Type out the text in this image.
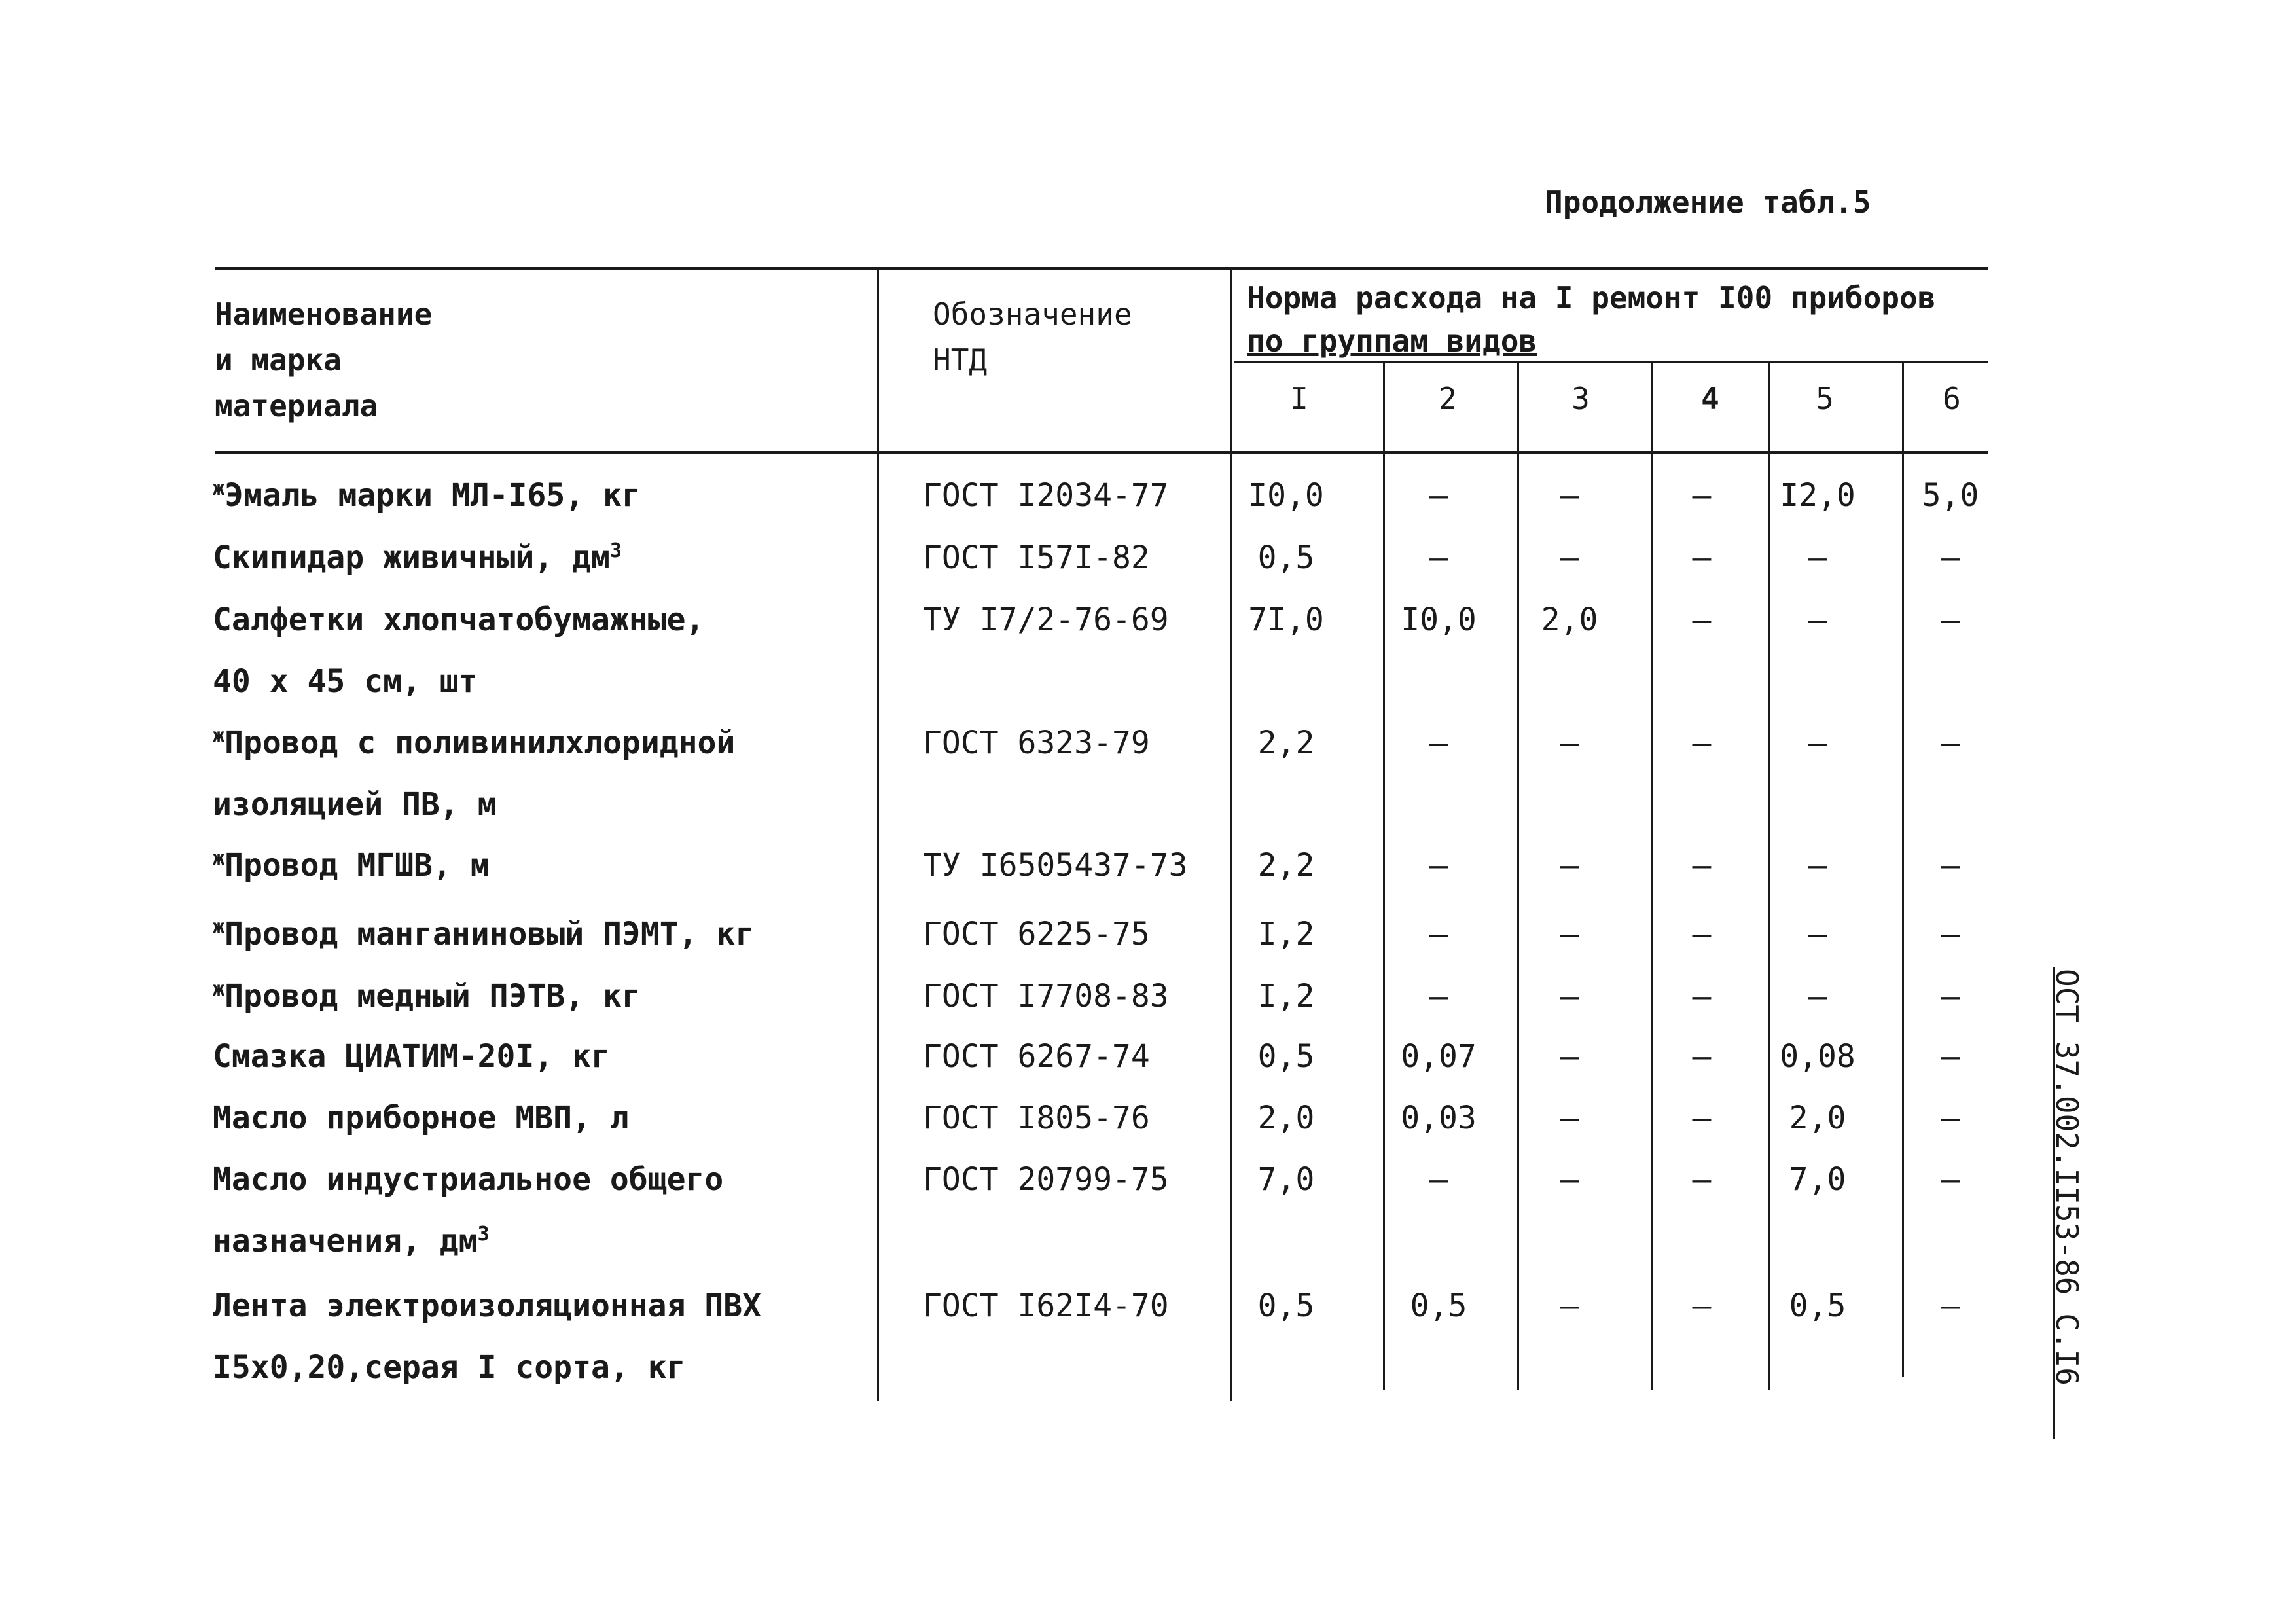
Продолжение табл.5
Наименование
и марка
материала
Обозначение
НТД
Норма расхода на I ремонт I00 приборов
по группам видов
I	2	3	4	5	6
$^ж$Эмаль марки МЛ-I65, кг	ГОСТ I2034-77	I0,0	–	–	–	I2,0	5,0
Скипидар живичный, $дм^3$	ГОСТ I57I-82	0,5	–	–	–	–	–
Салфетки хлопчатобумажные,
40 х 45 см, шт
ТУ I7/2-76-69	7I,0	I0,0	2,0	–	–	–
$^ж$Провод с поливинилхлоридной
изоляцией ПВ, м
ГОСТ 6323-79	2,2	–	–	–	–	–
$^ж$Провод МГШВ, м	ТУ I6505437-73	2,2	–	–	–	–	–
$^ж$Провод манганиновый ПЭМТ, кг	ГОСТ 6225-75	I,2	–	–	–	–	–
$^ж$Провод медный ПЭТВ, кг	ГОСТ I7708-83	I,2	–	–	–	–	–
Смазка ЦИАТИМ-20I, кг	ГОСТ 6267-74	0,5	0,07	–	–	0,08	–
Масло приборное МВП, л	ГОСТ I805-76	2,0	0,03	–	–	2,0	–
Масло индустриальное общего
назначения, $дм^3$
ГОСТ 20799-75	7,0	–	–	–	7,0	–
Лента электроизоляционная ПВХ
I5х0,20,серая I сорта, кг
ГОСТ I62I4-70	0,5	0,5	–	–	0,5	–	ОСТ 37.002.II53-86 С.I6
